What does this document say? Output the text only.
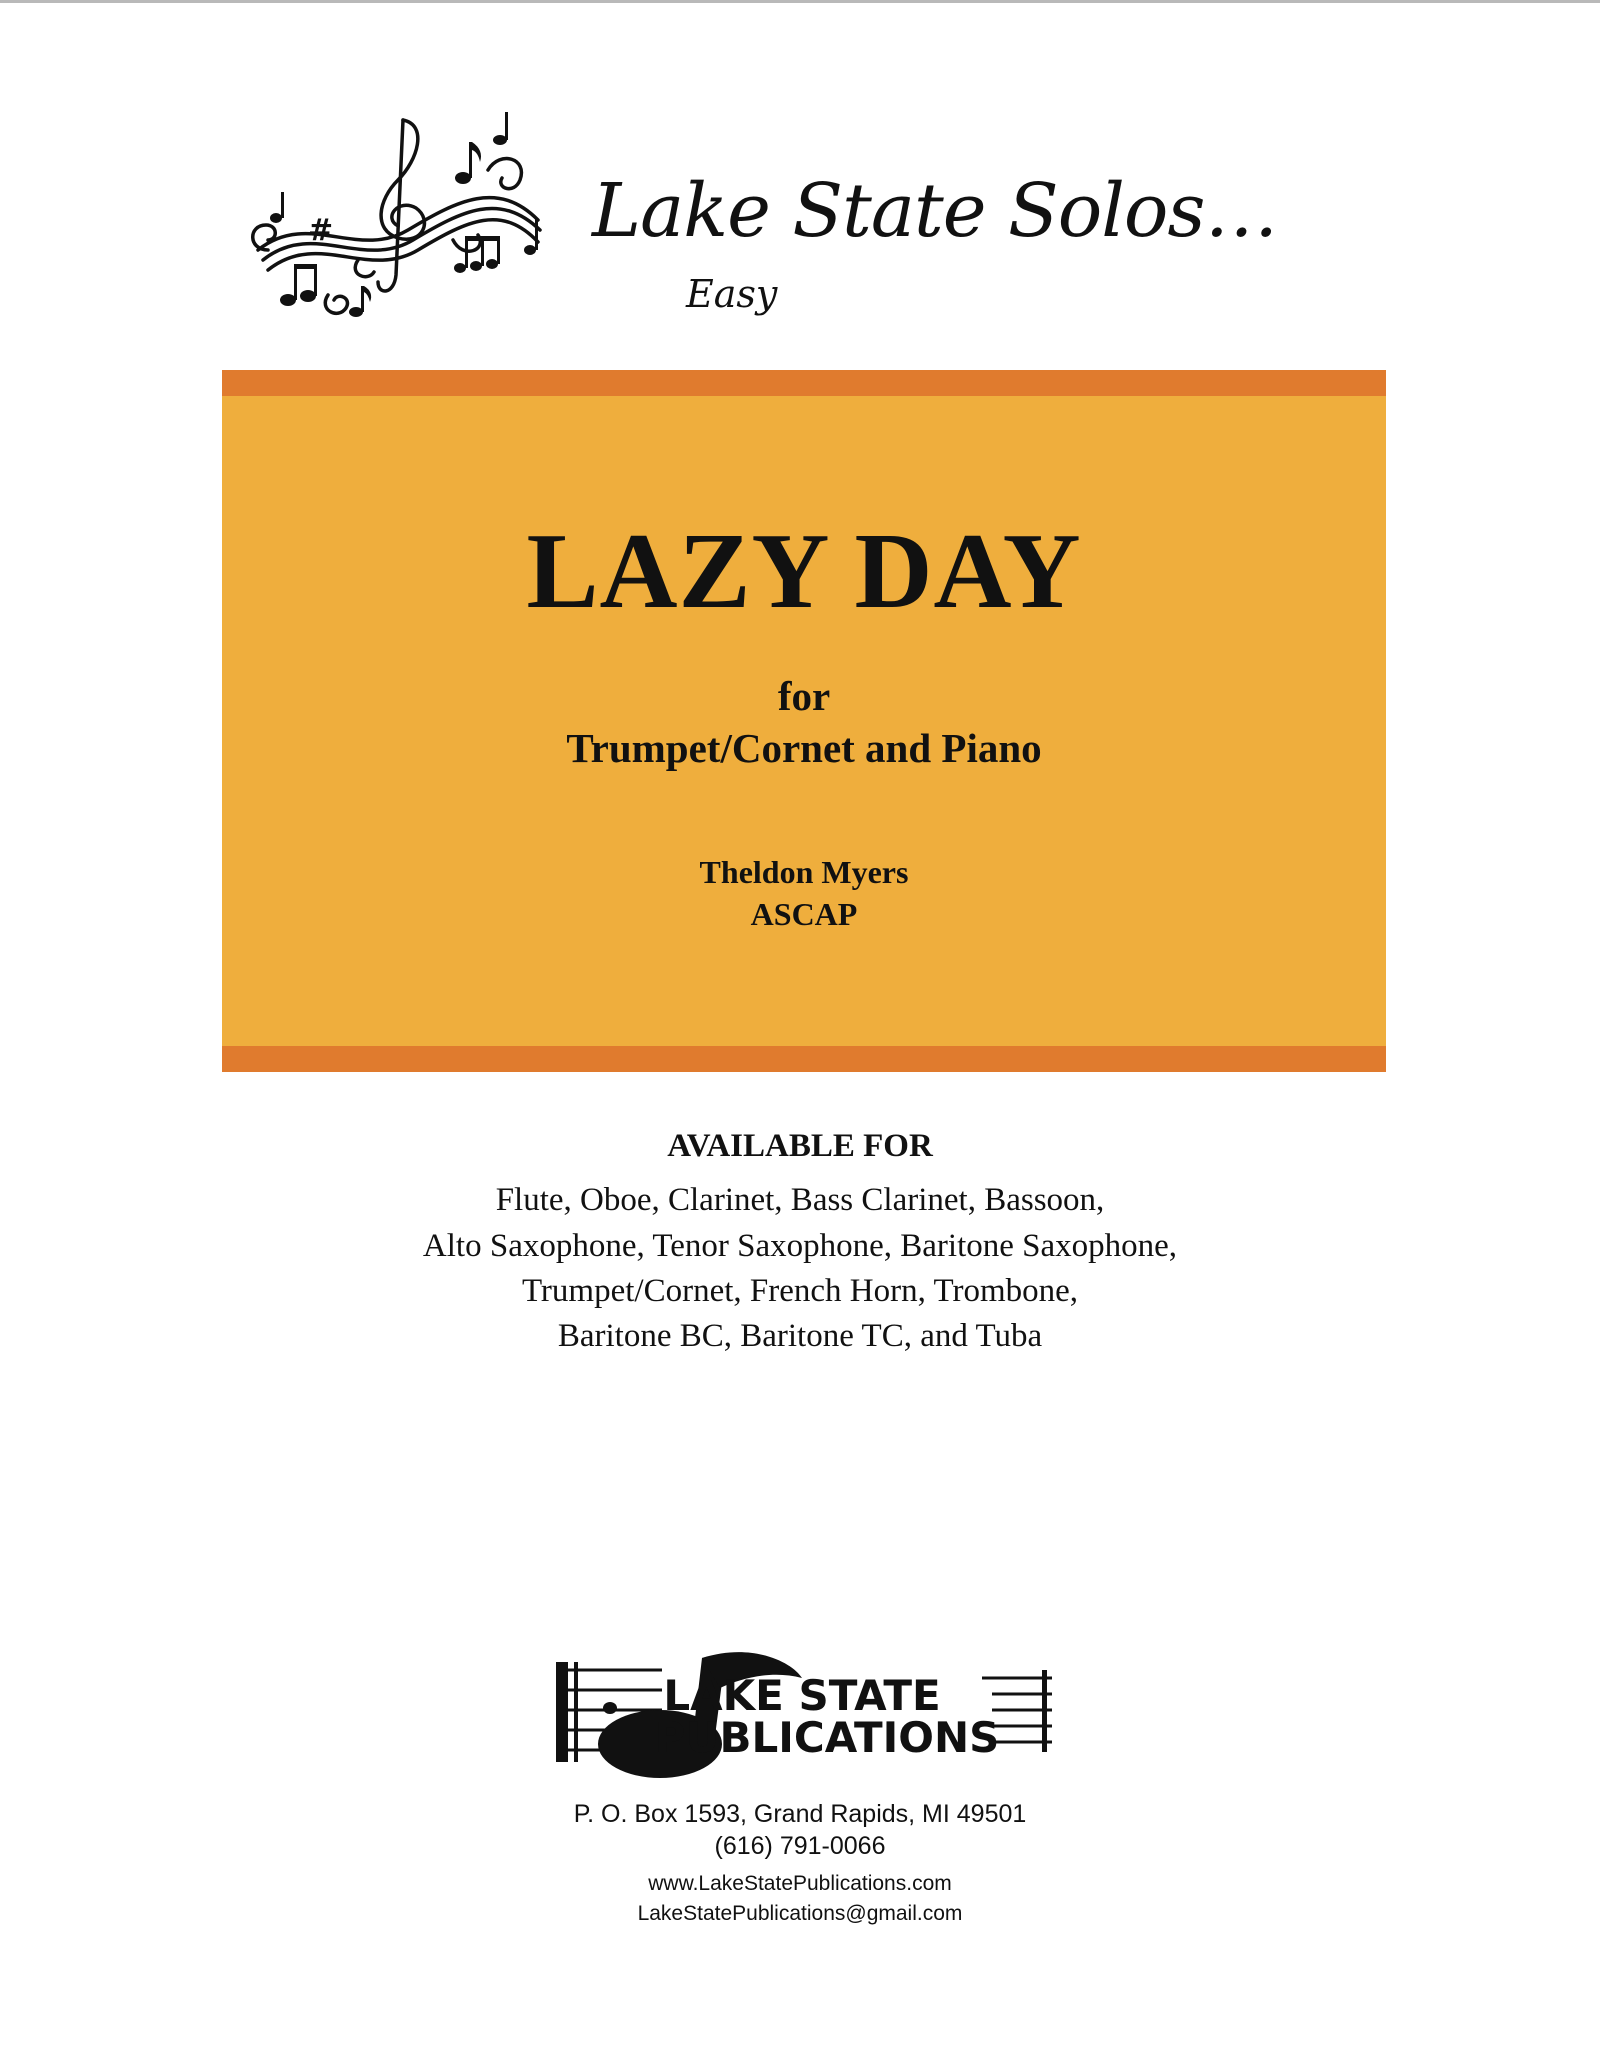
#	Lake State Solos…
Easy
LAZY DAY
for
Trumpet/Cornet and Piano
Theldon Myers
ASCAP
AVAILABLE FOR
Flute, Oboe, Clarinet, Bass Clarinet, Bassoon,
Alto Saxophone, Tenor Saxophone, Baritone Saxophone,
Trumpet/Cornet, French Horn, Trombone,
Baritone BC, Baritone TC, and Tuba
LAKE STATE
PUBLICATIONS
P. O. Box 1593, Grand Rapids, MI 49501
(616) 791-0066
www.LakeStatePublications.com
LakeStatePublications@gmail.com
